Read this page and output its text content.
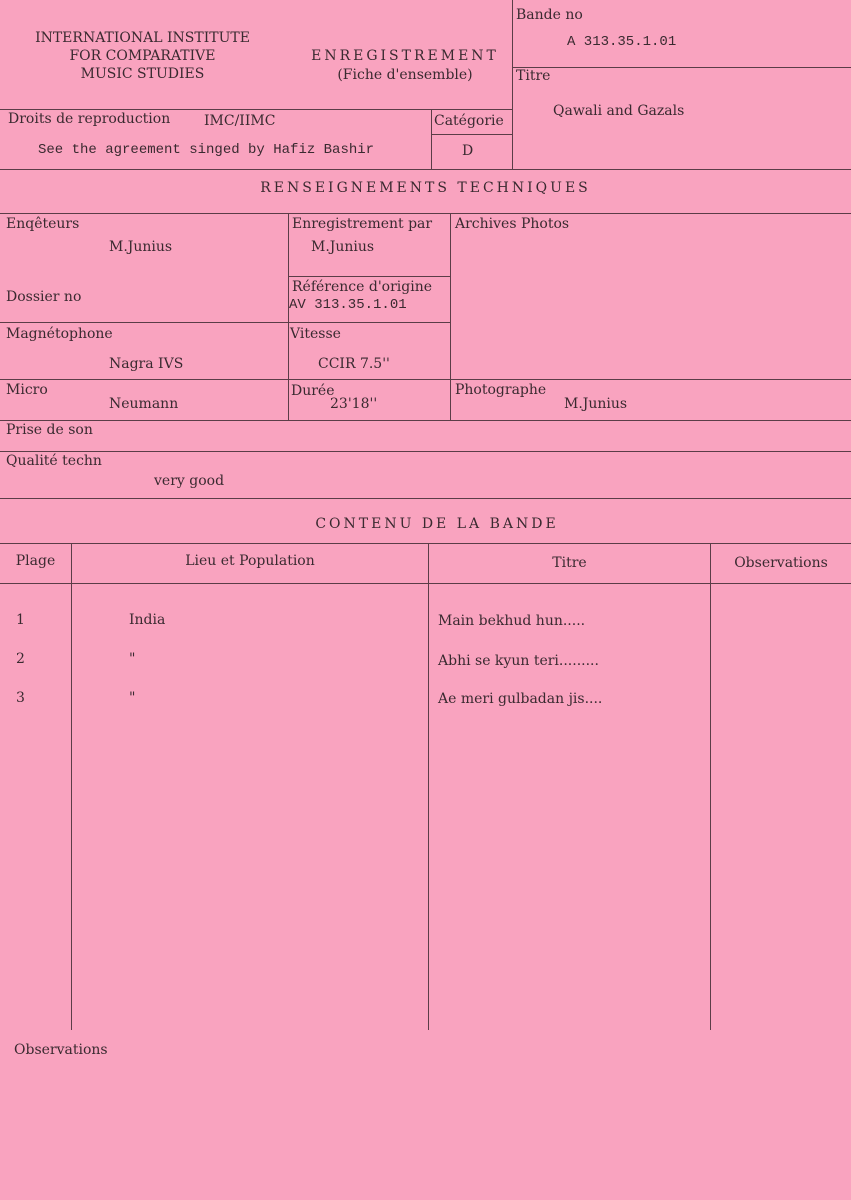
INTERNATIONAL INSTITUTE
FOR COMPARATIVE
MUSIC STUDIES
ENREGISTREMENT
(Fiche d'ensemble)
Bande no
A 313.35.1.01
Titre
Qawali and Gazals
Droits de reproduction IMC/IIMC
See the agreement singed by Hafiz Bashir
Catégorie
D
RENSEIGNEMENTS TECHNIQUES
Enqêteurs
M.Junius
Enregistrement par
M.Junius
Archives Photos
Dossier no
Référence d'origine
AV 313.35.1.01
Magnétophone
Nagra IVS
Vitesse
CCIR 7.5''
Micro
Neumann
Durée
23'18''
Photographe
M.Junius
Prise de son
Qualité techn
very good
CONTENU DE LA BANDE
Plage	Lieu et Population	Titre	Observations
1	India	Main bekhud hun.....
2	"	Abhi se kyun teri.........
3	"	Ae meri gulbadan jis....
Observations
